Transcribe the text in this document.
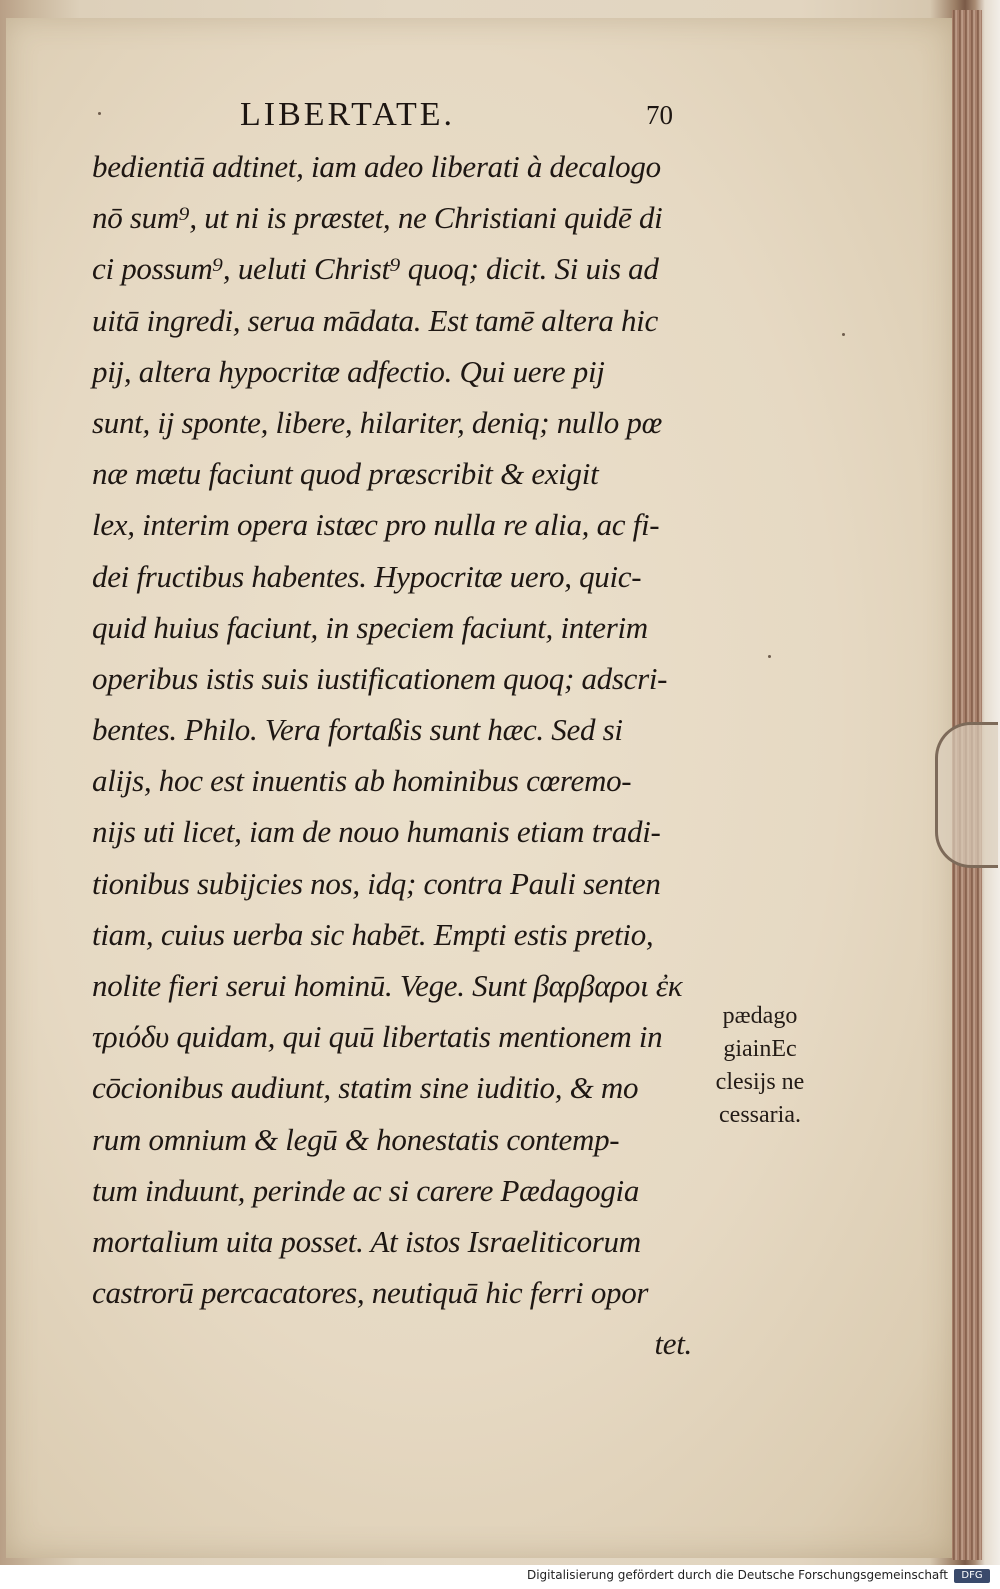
LIBERTATE.	70
bedientiā adtinet, iam adeo liberati à decalogo
nō sum⁹, ut ni is præstet, ne Christiani quidē di
ci possum⁹, ueluti Christ⁹ quoq; dicit. Si uis ad
uitā ingredi, serua mādata. Est tamē altera hic
pij, altera hypocritæ adfectio. Qui uere pij
sunt, ij sponte, libere, hilariter, deniq; nullo pœ
næ mætu faciunt quod præscribit & exigit
lex, interim opera istæc pro nulla re alia, ac fi-
dei fructibus habentes. Hypocritæ uero, quic-
quid huius faciunt, in speciem faciunt, interim
operibus istis suis iustificationem quoq; adscri-
bentes. Philo. Vera fortaßis sunt hæc. Sed si
alijs, hoc est inuentis ab hominibus cœremo-
nijs uti licet, iam de nouo humanis etiam tradi-
tionibus subijcies nos, idq; contra Pauli senten
tiam, cuius uerba sic habēt. Empti estis pretio,
nolite fieri serui hominū. Vege. Sunt βαρβαροι ἐκ
τριόδυ quidam, qui quū libertatis mentionem in
cōcionibus audiunt, statim sine iuditio, & mo
rum omnium & legū & honestatis contemp-
tum induunt, perinde ac si carere Pædagogia
mortalium uita posset. At istos Israeliticorum
castrorū percacatores, neutiquā hic ferri opor
tet.
pædago
giainEc
clesijs ne
cessaria.
Digitalisierung gefördert durch die Deutsche Forschungsgemeinschaft	DFG
